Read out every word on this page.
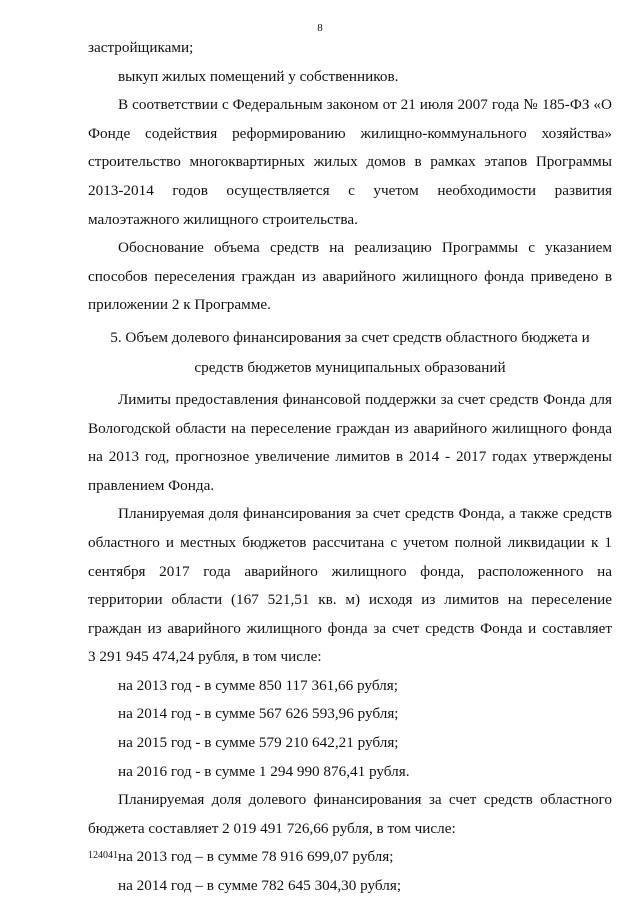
8

застройщиками;

выкуп жилых помещений у собственников.

В соответствии с Федеральным законом от 21 июля 2007 года № 185-ФЗ «О

Фонде содействия реформированию жилищно-коммунального хозяйства»

строительство многоквартирных жилых домов в рамках этапов Программы

2013-2014 годов осуществляется с учетом необходимости развития

малоэтажного жилищного строительства.

Обоснование объема средств на реализацию Программы с указанием

способов переселения граждан из аварийного жилищного фонда приведено в

приложении 2 к Программе.

5. Объем долевого финансирования за счет средств областного бюджета и

средств бюджетов муниципальных образований

Лимиты предоставления финансовой поддержки за счет средств Фонда для

Вологодской области на переселение граждан из аварийного жилищного фонда

на 2013 год, прогнозное увеличение лимитов в 2014 - 2017 годах утверждены

правлением Фонда.

Планируемая доля финансирования за счет средств Фонда, а также средств

областного и местных бюджетов рассчитана с учетом полной ликвидации к 1

сентября 2017 года аварийного жилищного фонда, расположенного на

территории области (167 521,51 кв. м) исходя из лимитов на переселение

граждан из аварийного жилищного фонда за счет средств Фонда и составляет

3 291 945 474,24 рубля, в том числе:

на 2013 год - в сумме 850 117 361,66 рубля;

на 2014 год - в сумме 567 626 593,96 рубля;

на 2015 год - в сумме 579 210 642,21 рубля;

на 2016 год - в сумме 1 294 990 876,41 рубля.

Планируемая доля долевого финансирования за счет средств областного

бюджета составляет 2 019 491 726,66 рубля, в том числе:

на 2013 год – в сумме 78 916 699,07 рубля;

на 2014 год – в сумме 782 645 304,30 рубля;

124041
